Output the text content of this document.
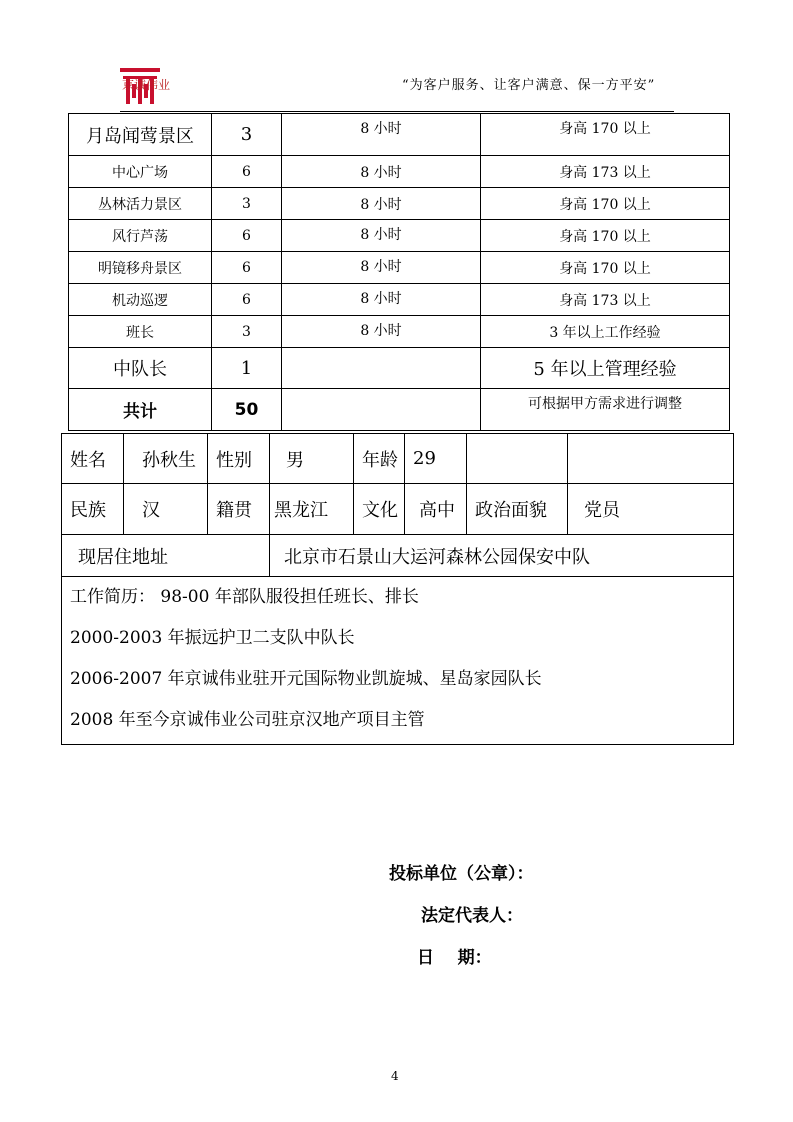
京诚伟业	“为客户服务、让客户满意、保一方平安”
月岛闻莺景区	3	8 小时	身高 170 以上
中心广场	6	8 小时	身高 173 以上
丛林活力景区	3	8 小时	身高 170 以上
风行芦荡	6	8 小时	身高 170 以上
明镜移舟景区	6	8 小时	身高 170 以上
机动巡逻	6	8 小时	身高 173 以上
班长	3	8 小时	3 年以上工作经验
中队长	1		5 年以上管理经验
共计	50		可根据甲方需求进行调整
姓名	孙秋生	性别	男	年龄	29		
民族	汉	籍贯	黑龙江	文化	高中	政治面貌	党员
现居住地址			北京市石景山大运河森林公园保安中队				

工作简历： 98-00 年部队服役担任班长、排长
2000-2003 年振远护卫二支队中队长
2006-2007 年京诚伟业驻开元国际物业凯旋城、星岛家园队长
2008 年至今京诚伟业公司驻京汉地产项目主管							
投标单位（公章）：
法定代表人：
日    期：
4
